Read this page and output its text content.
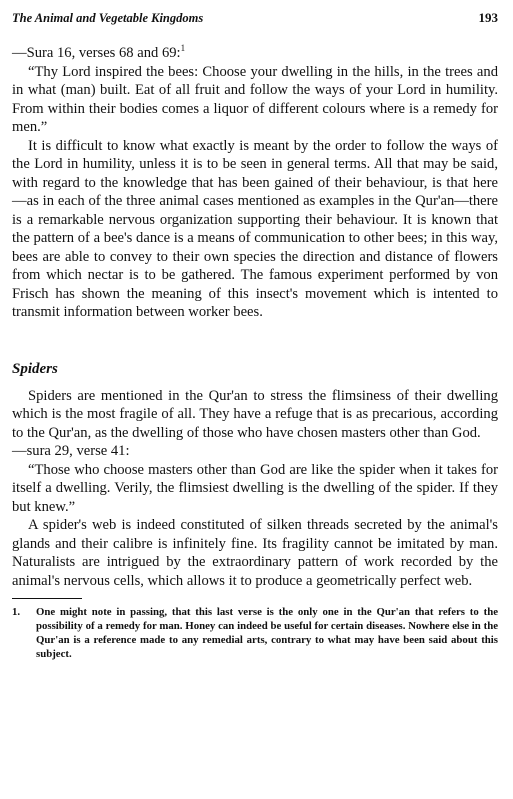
The Animal and Vegetable Kingdoms	193

—Sura 16, verses 68 and 69:$^1$

“Thy Lord inspired the bees: Choose your dwelling in the hills, in the trees and in what (man) built. Eat of all fruit and follow the ways of your Lord in humility. From within their bodies comes a liquor of different colours where is a remedy for men.”

It is difficult to know what exactly is meant by the order to follow the ways of the Lord in humility, unless it is to be seen in general terms. All that may be said, with regard to the knowledge that has been gained of their behaviour, is that here—as in each of the three animal cases mentioned as examples in the Qur'an—there is a remarkable nervous organization supporting their behaviour. It is known that the pattern of a bee's dance is a means of communication to other bees; in this way, bees are able to convey to their own species the direction and distance of flowers from which nectar is to be gathered. The famous experiment performed by von Frisch has shown the meaning of this insect's movement which is intented to transmit information between worker bees.

Spiders

Spiders are mentioned in the Qur'an to stress the flimsiness of their dwelling which is the most fragile of all. They have a refuge that is as precarious, according to the Qur'an, as the dwelling of those who have chosen masters other than God.

—sura 29, verse 41:

“Those who choose masters other than God are like the spider when it takes for itself a dwelling. Verily, the flimsiest dwelling is the dwelling of the spider. If they but knew.”

A spider's web is indeed constituted of silken threads secreted by the animal's glands and their calibre is infinitely fine. Its fragility cannot be imitated by man. Naturalists are intrigued by the extraordinary pattern of work recorded by the animal's nervous cells, which allows it to produce a geometrically perfect web.

1.	One might note in passing, that this last verse is the only one in the Qur'an that refers to the possibility of a remedy for man. Honey can indeed be useful for certain diseases. Nowhere else in the Qur'an is a reference made to any remedial arts, contrary to what may have been said about this subject.
